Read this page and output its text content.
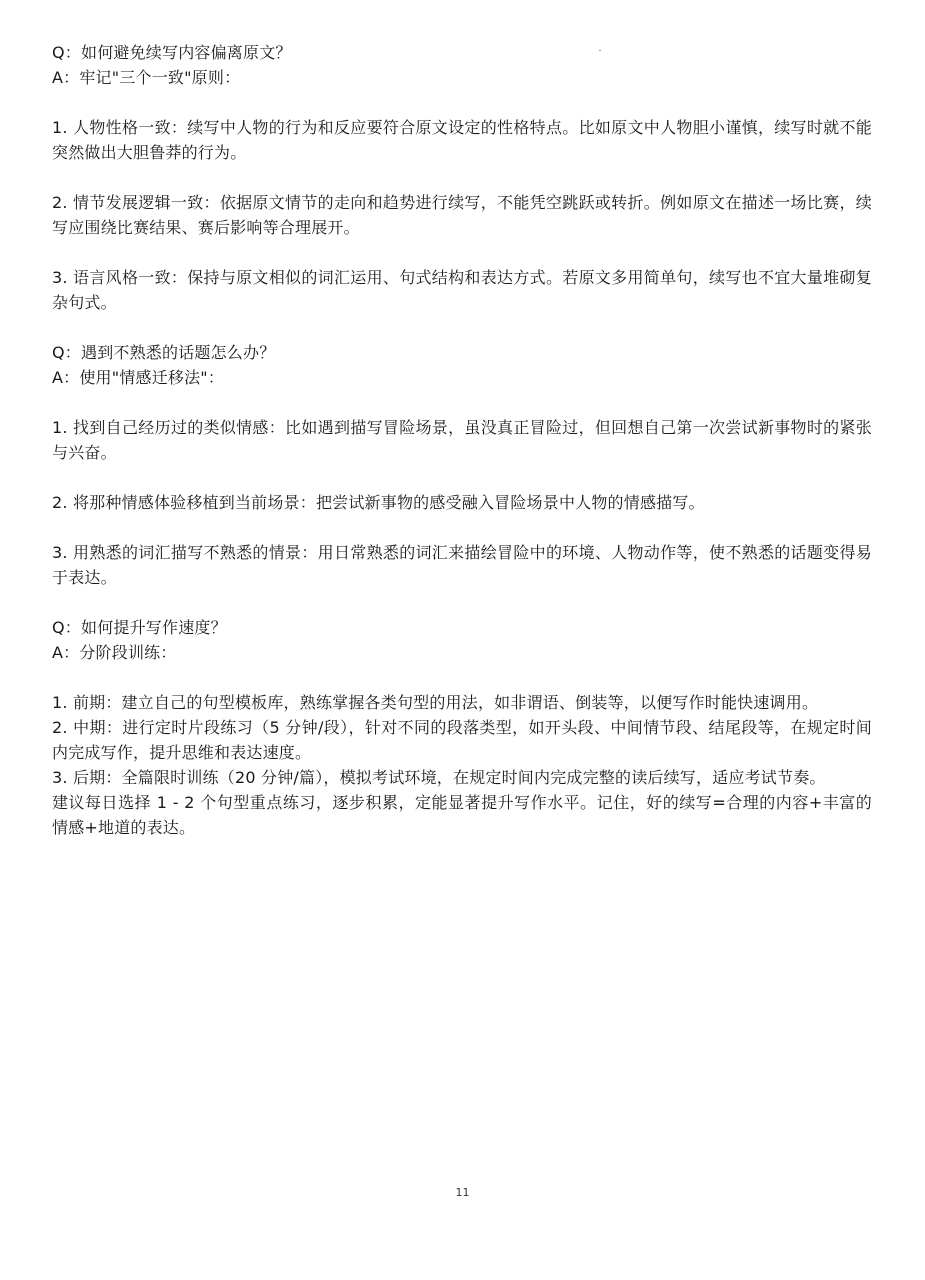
Q：如何避免续写内容偏离原文？

A：牢记"三个一致"原则：

1. 人物性格一致：续写中人物的行为和反应要符合原文设定的性格特点。比如原文中人物胆小谨慎，续写时就不能突然做出大胆鲁莽的行为。

2. 情节发展逻辑一致：依据原文情节的走向和趋势进行续写，不能凭空跳跃或转折。例如原文在描述一场比赛，续写应围绕比赛结果、赛后影响等合理展开。

3. 语言风格一致：保持与原文相似的词汇运用、句式结构和表达方式。若原文多用简单句，续写也不宜大量堆砌复杂句式。

Q：遇到不熟悉的话题怎么办？

A：使用"情感迁移法"：

1. 找到自己经历过的类似情感：比如遇到描写冒险场景，虽没真正冒险过，但回想自己第一次尝试新事物时的紧张与兴奋。

2. 将那种情感体验移植到当前场景：把尝试新事物的感受融入冒险场景中人物的情感描写。

3. 用熟悉的词汇描写不熟悉的情景：用日常熟悉的词汇来描绘冒险中的环境、人物动作等，使不熟悉的话题变得易于表达。

Q：如何提升写作速度？

A：分阶段训练：

1. 前期：建立自己的句型模板库，熟练掌握各类句型的用法，如非谓语、倒装等，以便写作时能快速调用。

2. 中期：进行定时片段练习（5 分钟/段），针对不同的段落类型，如开头段、中间情节段、结尾段等，在规定时间内完成写作，提升思维和表达速度。

3. 后期：全篇限时训练（20 分钟/篇），模拟考试环境，在规定时间内完成完整的读后续写，适应考试节奏。

建议每日选择 1 - 2 个句型重点练习，逐步积累，定能显著提升写作水平。记住，好的续写=合理的内容+丰富的情感+地道的表达。

11
